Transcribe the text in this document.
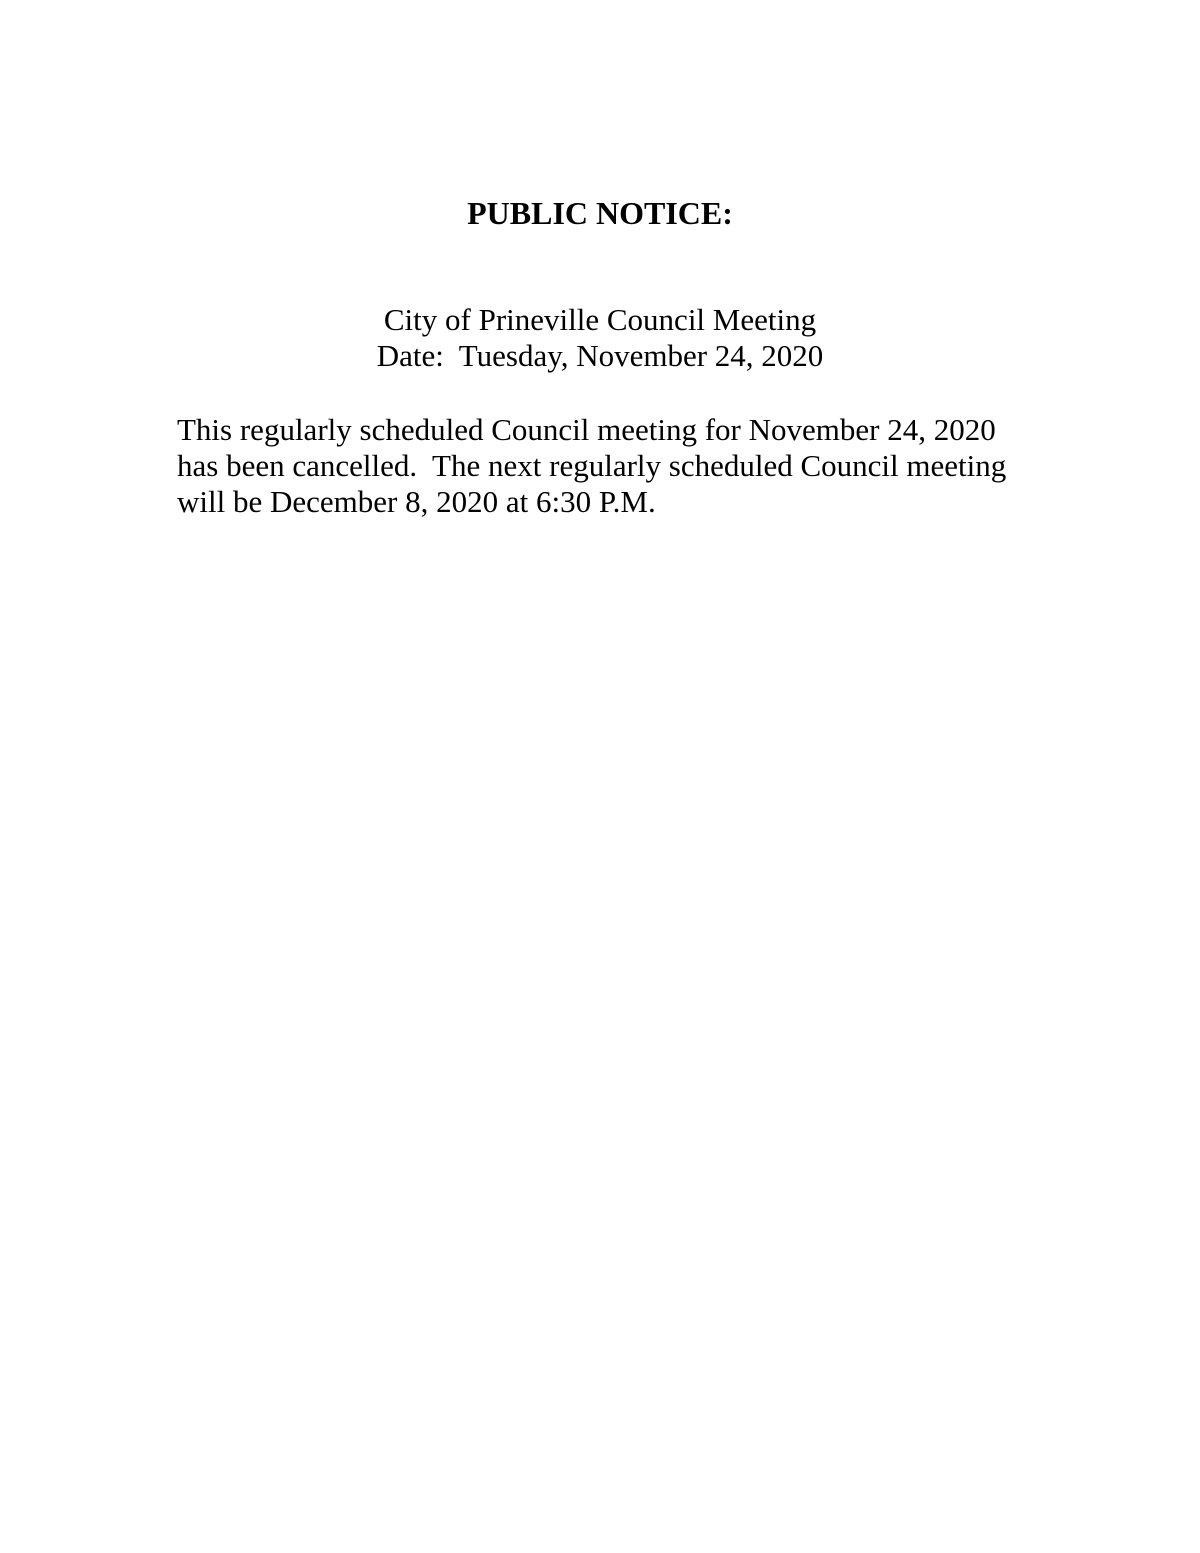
PUBLIC NOTICE:
City of Prineville Council Meeting
Date:  Tuesday, November 24, 2020
This regularly scheduled Council meeting for November 24, 2020
has been cancelled.  The next regularly scheduled Council meeting
will be December 8, 2020 at 6:30 P.M.
